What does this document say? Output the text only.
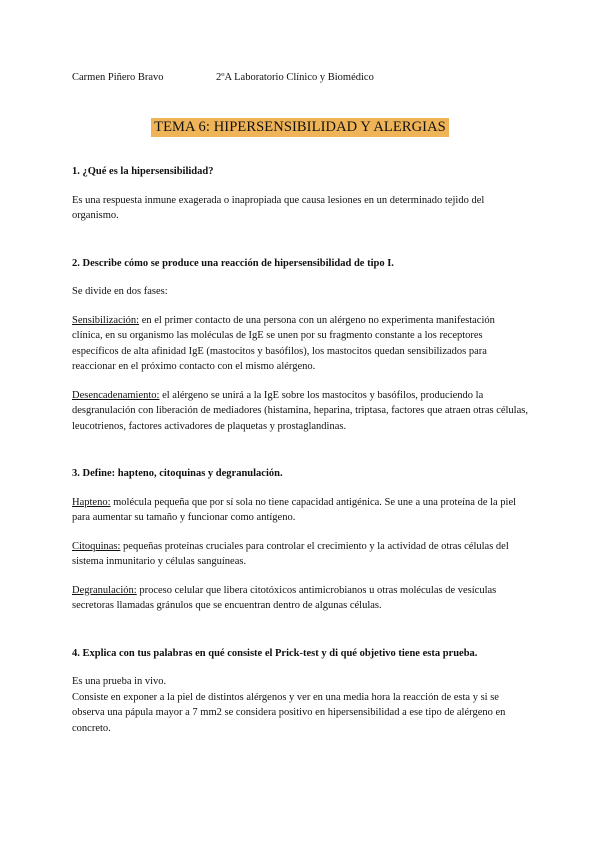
Carmen Piñero Bravo	2ºA Laboratorio Clínico y Biomédico
TEMA 6: HIPERSENSIBILIDAD Y ALERGIAS
1. ¿Qué es la hipersensibilidad?
Es una respuesta inmune exagerada o inapropiada que causa lesiones en un determinado tejido del organismo.
2. Describe cómo se produce una reacción de hipersensibilidad de tipo I.
Se divide en dos fases:
Sensibilización: en el primer contacto de una persona con un alérgeno no experimenta manifestación clínica, en su organismo las moléculas de IgE se unen por su fragmento constante a los receptores específicos de alta afinidad IgE (mastocitos y basófilos), los mastocitos quedan sensibilizados para reaccionar en el próximo contacto con el mismo alérgeno.
Desencadenamiento: el alérgeno se unirá a la IgE sobre los mastocitos y basófilos, produciendo la desgranulación con liberación de mediadores (histamina, heparina, triptasa, factores que atraen otras células, leucotrienos, factores activadores de plaquetas y prostaglandinas.
3. Define: hapteno, citoquinas y degranulación.
Hapteno: molécula pequeña que por sí sola no tiene capacidad antigénica. Se une a una proteína de la piel para aumentar su tamaño y funcionar como antígeno.
Citoquinas: pequeñas proteínas cruciales para controlar el crecimiento y la actividad de otras células del sistema inmunitario y células sanguíneas.
Degranulación: proceso celular que libera citotóxicos antimicrobianos u otras moléculas de vesículas secretoras llamadas gránulos que se encuentran dentro de algunas células.
4. Explica con tus palabras en qué consiste el Prick-test y di qué objetivo tiene esta prueba.
Es una prueba in vivo.
Consiste en exponer a la piel de distintos alérgenos y ver en una media hora la reacción de esta y si se observa una pápula mayor a 7 mm2 se considera positivo en hipersensibilidad a ese tipo de alérgeno en concreto.
